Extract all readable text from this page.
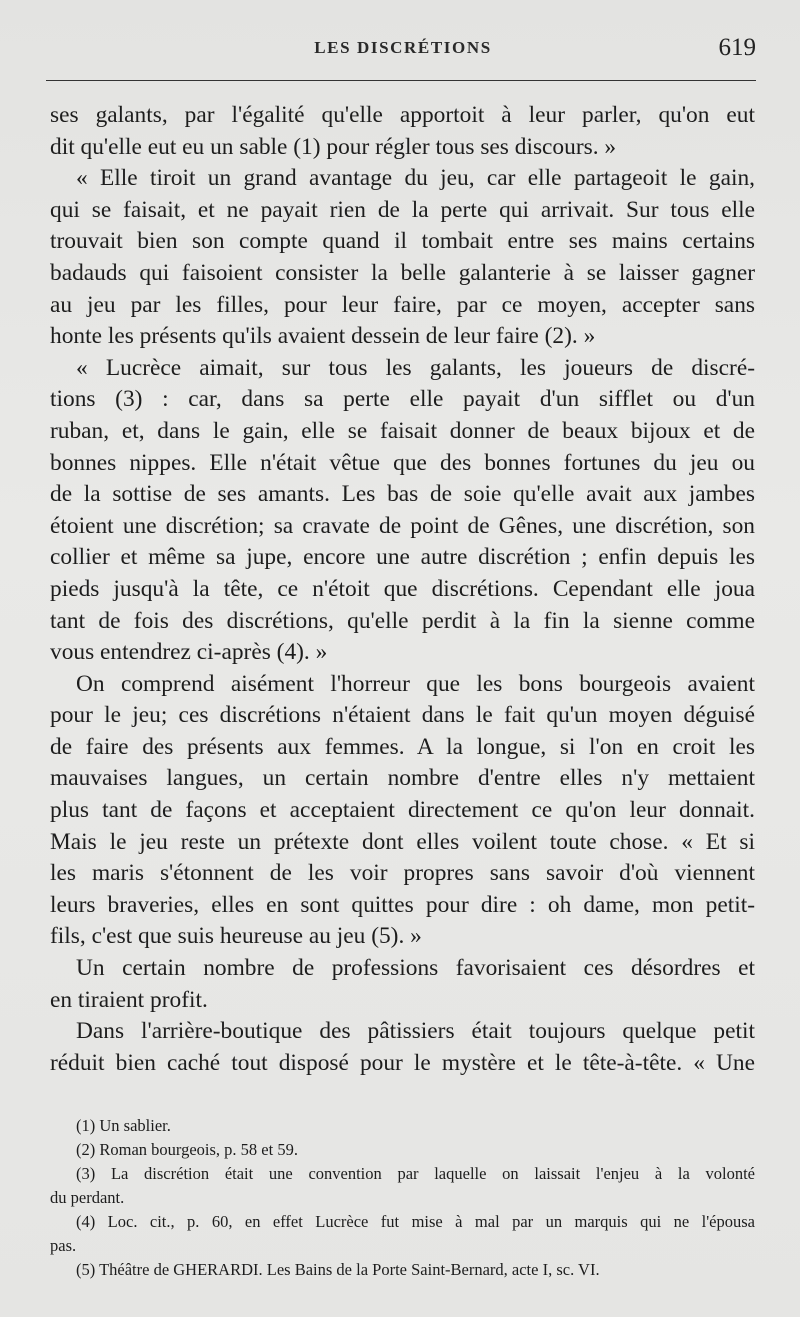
LES DISCRÉTIONS	619
ses galants, par l'égalité qu'elle apportoit à leur parler, qu'on eut
dit qu'elle eut eu un sable (1) pour régler tous ses discours. »
« Elle tiroit un grand avantage du jeu, car elle partageoit le gain,
qui se faisait, et ne payait rien de la perte qui arrivait. Sur tous elle
trouvait bien son compte quand il tombait entre ses mains certains
badauds qui faisoient consister la belle galanterie à se laisser gagner
au jeu par les filles, pour leur faire, par ce moyen, accepter sans
honte les présents qu'ils avaient dessein de leur faire (2). »
« Lucrèce aimait, sur tous les galants, les joueurs de discré-
tions (3) : car, dans sa perte elle payait d'un sifflet ou d'un
ruban, et, dans le gain, elle se faisait donner de beaux bijoux et de
bonnes nippes. Elle n'était vêtue que des bonnes fortunes du jeu ou
de la sottise de ses amants. Les bas de soie qu'elle avait aux jambes
étoient une discrétion; sa cravate de point de Gênes, une discrétion, son
collier et même sa jupe, encore une autre discrétion ; enfin depuis les
pieds jusqu'à la tête, ce n'étoit que discrétions. Cependant elle joua
tant de fois des discrétions, qu'elle perdit à la fin la sienne comme
vous entendrez ci-après (4). »
On comprend aisément l'horreur que les bons bourgeois avaient
pour le jeu; ces discrétions n'étaient dans le fait qu'un moyen déguisé
de faire des présents aux femmes. A la longue, si l'on en croit les
mauvaises langues, un certain nombre d'entre elles n'y mettaient
plus tant de façons et acceptaient directement ce qu'on leur donnait.
Mais le jeu reste un prétexte dont elles voilent toute chose. « Et si
les maris s'étonnent de les voir propres sans savoir d'où viennent
leurs braveries, elles en sont quittes pour dire : oh dame, mon petit-
fils, c'est que suis heureuse au jeu (5). »
Un certain nombre de professions favorisaient ces désordres et
en tiraient profit.
Dans l'arrière-boutique des pâtissiers était toujours quelque petit
réduit bien caché tout disposé pour le mystère et le tête-à-tête. « Une
(1) Un sablier.
(2) Roman bourgeois, p. 58 et 59.
(3) La discrétion était une convention par laquelle on laissait l'enjeu à la volonté
du perdant.
(4) Loc. cit., p. 60, en effet Lucrèce fut mise à mal par un marquis qui ne l'épousa
pas.
(5) Théâtre de GHERARDI. Les Bains de la Porte Saint-Bernard, acte I, sc. VI.
